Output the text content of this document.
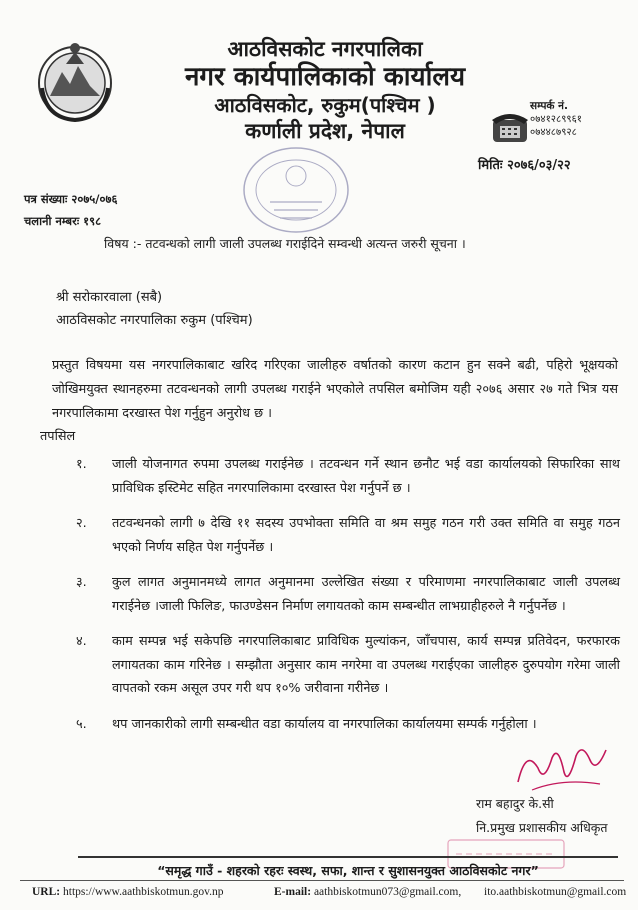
आठविसकोट नगरपालिका
नगर कार्यपालिकाको कार्यालय
आठविसकोट, रुकुम(पश्चिम )
कर्णाली प्रदेश, नेपाल
सम्पर्क नं.
०७४१२८९९६१
०७४४८७९२८
मितिः २०७६/०३/२२
पत्र संख्याः २०७५/०७६
चलानी नम्बरः १९८
विषय :- तटवन्धको लागी जाली उपलब्ध गराईदिने सम्वन्धी अत्यन्त जरुरी सूचना ।
श्री सरोकारवाला (सबै)
आठविसकोट नगरपालिका रुकुम (पश्चिम)
प्रस्तुत विषयमा यस नगरपालिकाबाट खरिद गरिएका जालीहरु वर्षातको कारण कटान हुन सक्ने बढी, पहिरो भूक्षयको जोखिमयुक्त स्थानहरुमा तटवन्धनको लागी उपलब्ध गराईने भएकोले तपसिल बमोजिम यही २०७६ असार २७ गते भित्र यस नगरपालिकामा दरखास्त पेश गर्नुहुन अनुरोध छ ।
तपसिल
१.	जाली योजनागत रुपमा उपलब्ध गराईनेछ । तटवन्धन गर्ने स्थान छनौट भई वडा कार्यालयको सिफारिका साथ प्राविधिक इस्टिमेट सहित नगरपालिकामा दरखास्त पेश गर्नुपर्ने छ ।
२.	तटवन्धनको लागी ७ देखि ११ सदस्य उपभोक्ता समिति वा श्रम समुह गठन गरी उक्त समिति वा समुह गठन भएको निर्णय सहित पेश गर्नुपर्नेछ ।
३.	कुल लागत अनुमानमध्ये लागत अनुमानमा उल्लेखित संख्या र परिमाणमा नगरपालिकाबाट जाली उपलब्ध गराईनेछ ।जाली फिलिङ, फाउण्डेसन निर्माण लगायतको काम सम्बन्धीत लाभग्राहीहरुले नै गर्नुपर्नेछ ।
४.	काम सम्पन्न भई सकेपछि नगरपालिकाबाट प्राविधिक मुल्यांकन, जाँचपास, कार्य सम्पन्न प्रतिवेदन, फरफारक लगायतका काम गरिनेछ । सम्झौता अनुसार काम नगरेमा वा उपलब्ध गराईएका जालीहरु दुरुपयोग गरेमा जाली वापतको रकम असूल उपर गरी थप १०% जरीवाना गरीनेछ ।
५.	थप जानकारीको लागी सम्बन्धीत वडा कार्यालय वा नगरपालिका कार्यालयमा सम्पर्क गर्नुहोला ।
राम बहादुर के.सी
नि.प्रमुख प्रशासकीय अधिकृत
“समृद्ध गाउँ - शहरको रहरः स्वस्थ, सफा, शान्त र सुशासनयुक्त आठविसकोट नगर”
URL: https://www.aathbiskotmun.gov.np	E-mail: aathbiskotmun073@gmail.com, ito.aathbiskotmun@gmail.com
